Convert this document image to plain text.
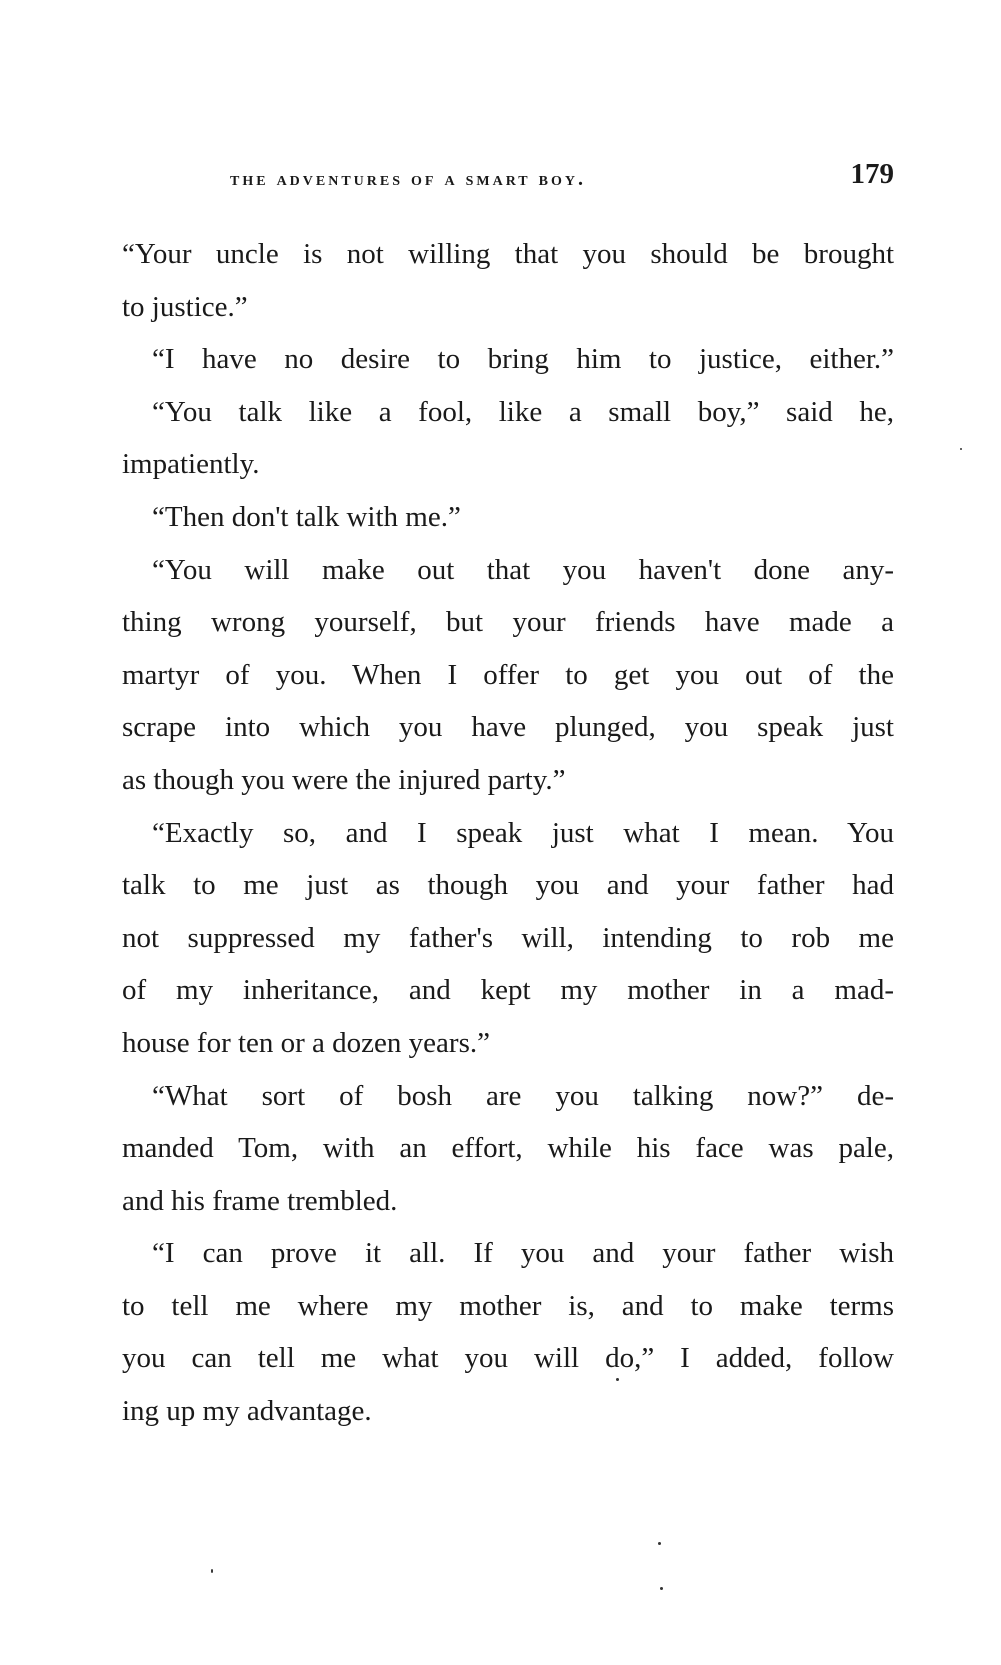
the adventures of a smart boy.	179
“Your uncle is not willing that you should be brought
to justice.”
“I have no desire to bring him to justice, either.”
“You talk like a fool, like a small boy,” said he,
impatiently.
“Then don't talk with me.”
“You will make out that you haven't done any-
thing wrong yourself, but your friends have made a
martyr of you. When I offer to get you out of the
scrape into which you have plunged, you speak just
as though you were the injured party.”
“Exactly so, and I speak just what I mean. You
talk to me just as though you and your father had
not suppressed my father's will, intending to rob me
of my inheritance, and kept my mother in a mad-
house for ten or a dozen years.”
“What sort of bosh are you talking now?” de-
manded Tom, with an effort, while his face was pale,
and his frame trembled.
“I can prove it all. If you and your father wish
to tell me where my mother is, and to make terms
you can tell me what you will do,” I added, follow
ing up my advantage.
